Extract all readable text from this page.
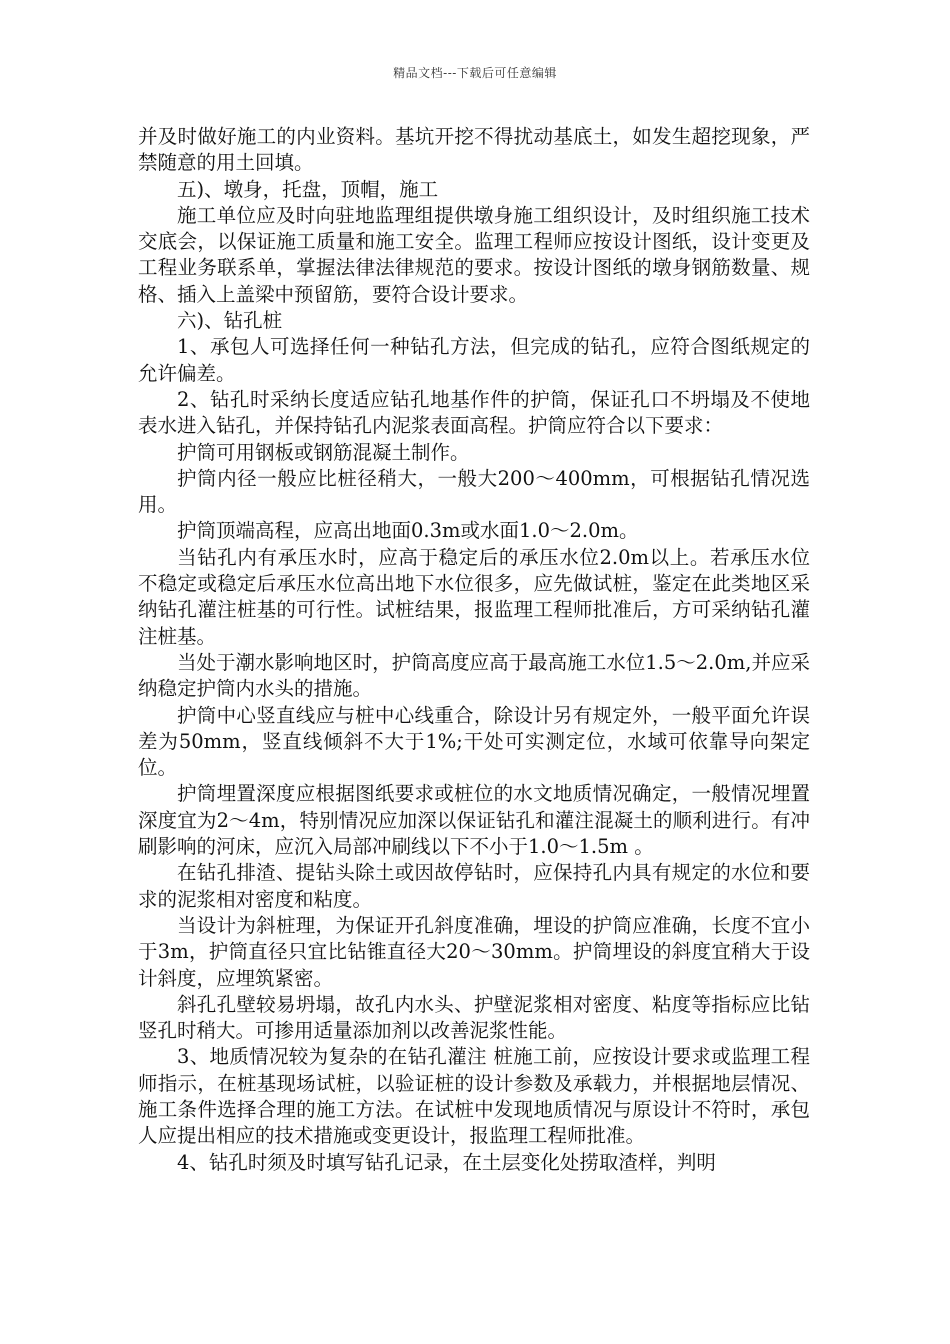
精品文档---下载后可任意编辑

并及时做好施工的内业资料。基坑开挖不得扰动基底土，如发生超挖现象，严禁随意的用土回填。

五)、墩身，托盘，顶帽，施工

施工单位应及时向驻地监理组提供墩身施工组织设计，及时组织施工技术交底会，以保证施工质量和施工安全。监理工程师应按设计图纸，设计变更及工程业务联系单，掌握法律法律规范的要求。按设计图纸的墩身钢筋数量、规格、插入上盖梁中预留筋，要符合设计要求。

六)、钻孔桩

1、承包人可选择任何一种钻孔方法，但完成的钻孔，应符合图纸规定的允许偏差。

2、钻孔时采纳长度适应钻孔地基作件的护筒，保证孔口不坍塌及不使地表水进入钻孔，并保持钻孔内泥浆表面高程。护筒应符合以下要求：

护筒可用钢板或钢筋混凝土制作。

护筒内径一般应比桩径稍大，一般大200～400mm，可根据钻孔情况选用。

护筒顶端高程，应高出地面0.3m或水面1.0～2.0m。

当钻孔内有承压水时，应高于稳定后的承压水位2.0m以上。若承压水位不稳定或稳定后承压水位高出地下水位很多，应先做试桩，鉴定在此类地区采纳钻孔灌注桩基的可行性。试桩结果，报监理工程师批准后，方可采纳钻孔灌注桩基。

当处于潮水影响地区时，护筒高度应高于最高施工水位1.5～2.0m,并应采纳稳定护筒内水头的措施。

护筒中心竖直线应与桩中心线重合，除设计另有规定外，一般平面允许误差为50mm，竖直线倾斜不大于1%;干处可实测定位，水域可依靠导向架定位。

护筒埋置深度应根据图纸要求或桩位的水文地质情况确定，一般情况埋置深度宜为2～4m，特别情况应加深以保证钻孔和灌注混凝土的顺利进行。有冲刷影响的河床，应沉入局部冲刷线以下不小于1.0～1.5m 。

在钻孔排渣、提钻头除土或因故停钻时，应保持孔内具有规定的水位和要求的泥浆相对密度和粘度。

当设计为斜桩理，为保证开孔斜度准确，埋设的护筒应准确，长度不宜小于3m，护筒直径只宜比钻锥直径大20～30mm。护筒埋设的斜度宜稍大于设计斜度，应埋筑紧密。

斜孔孔壁较易坍塌，故孔内水头、护壁泥浆相对密度、粘度等指标应比钻竖孔时稍大。可掺用适量添加剂以改善泥浆性能。

3、地质情况较为复杂的在钻孔灌注 桩施工前，应按设计要求或监理工程师指示，在桩基现场试桩，以验证桩的设计参数及承载力，并根据地层情况、施工条件选择合理的施工方法。在试桩中发现地质情况与原设计不符时，承包人应提出相应的技术措施或变更设计，报监理工程师批准。

4、钻孔时须及时填写钻孔记录，在土层变化处捞取渣样，判明
